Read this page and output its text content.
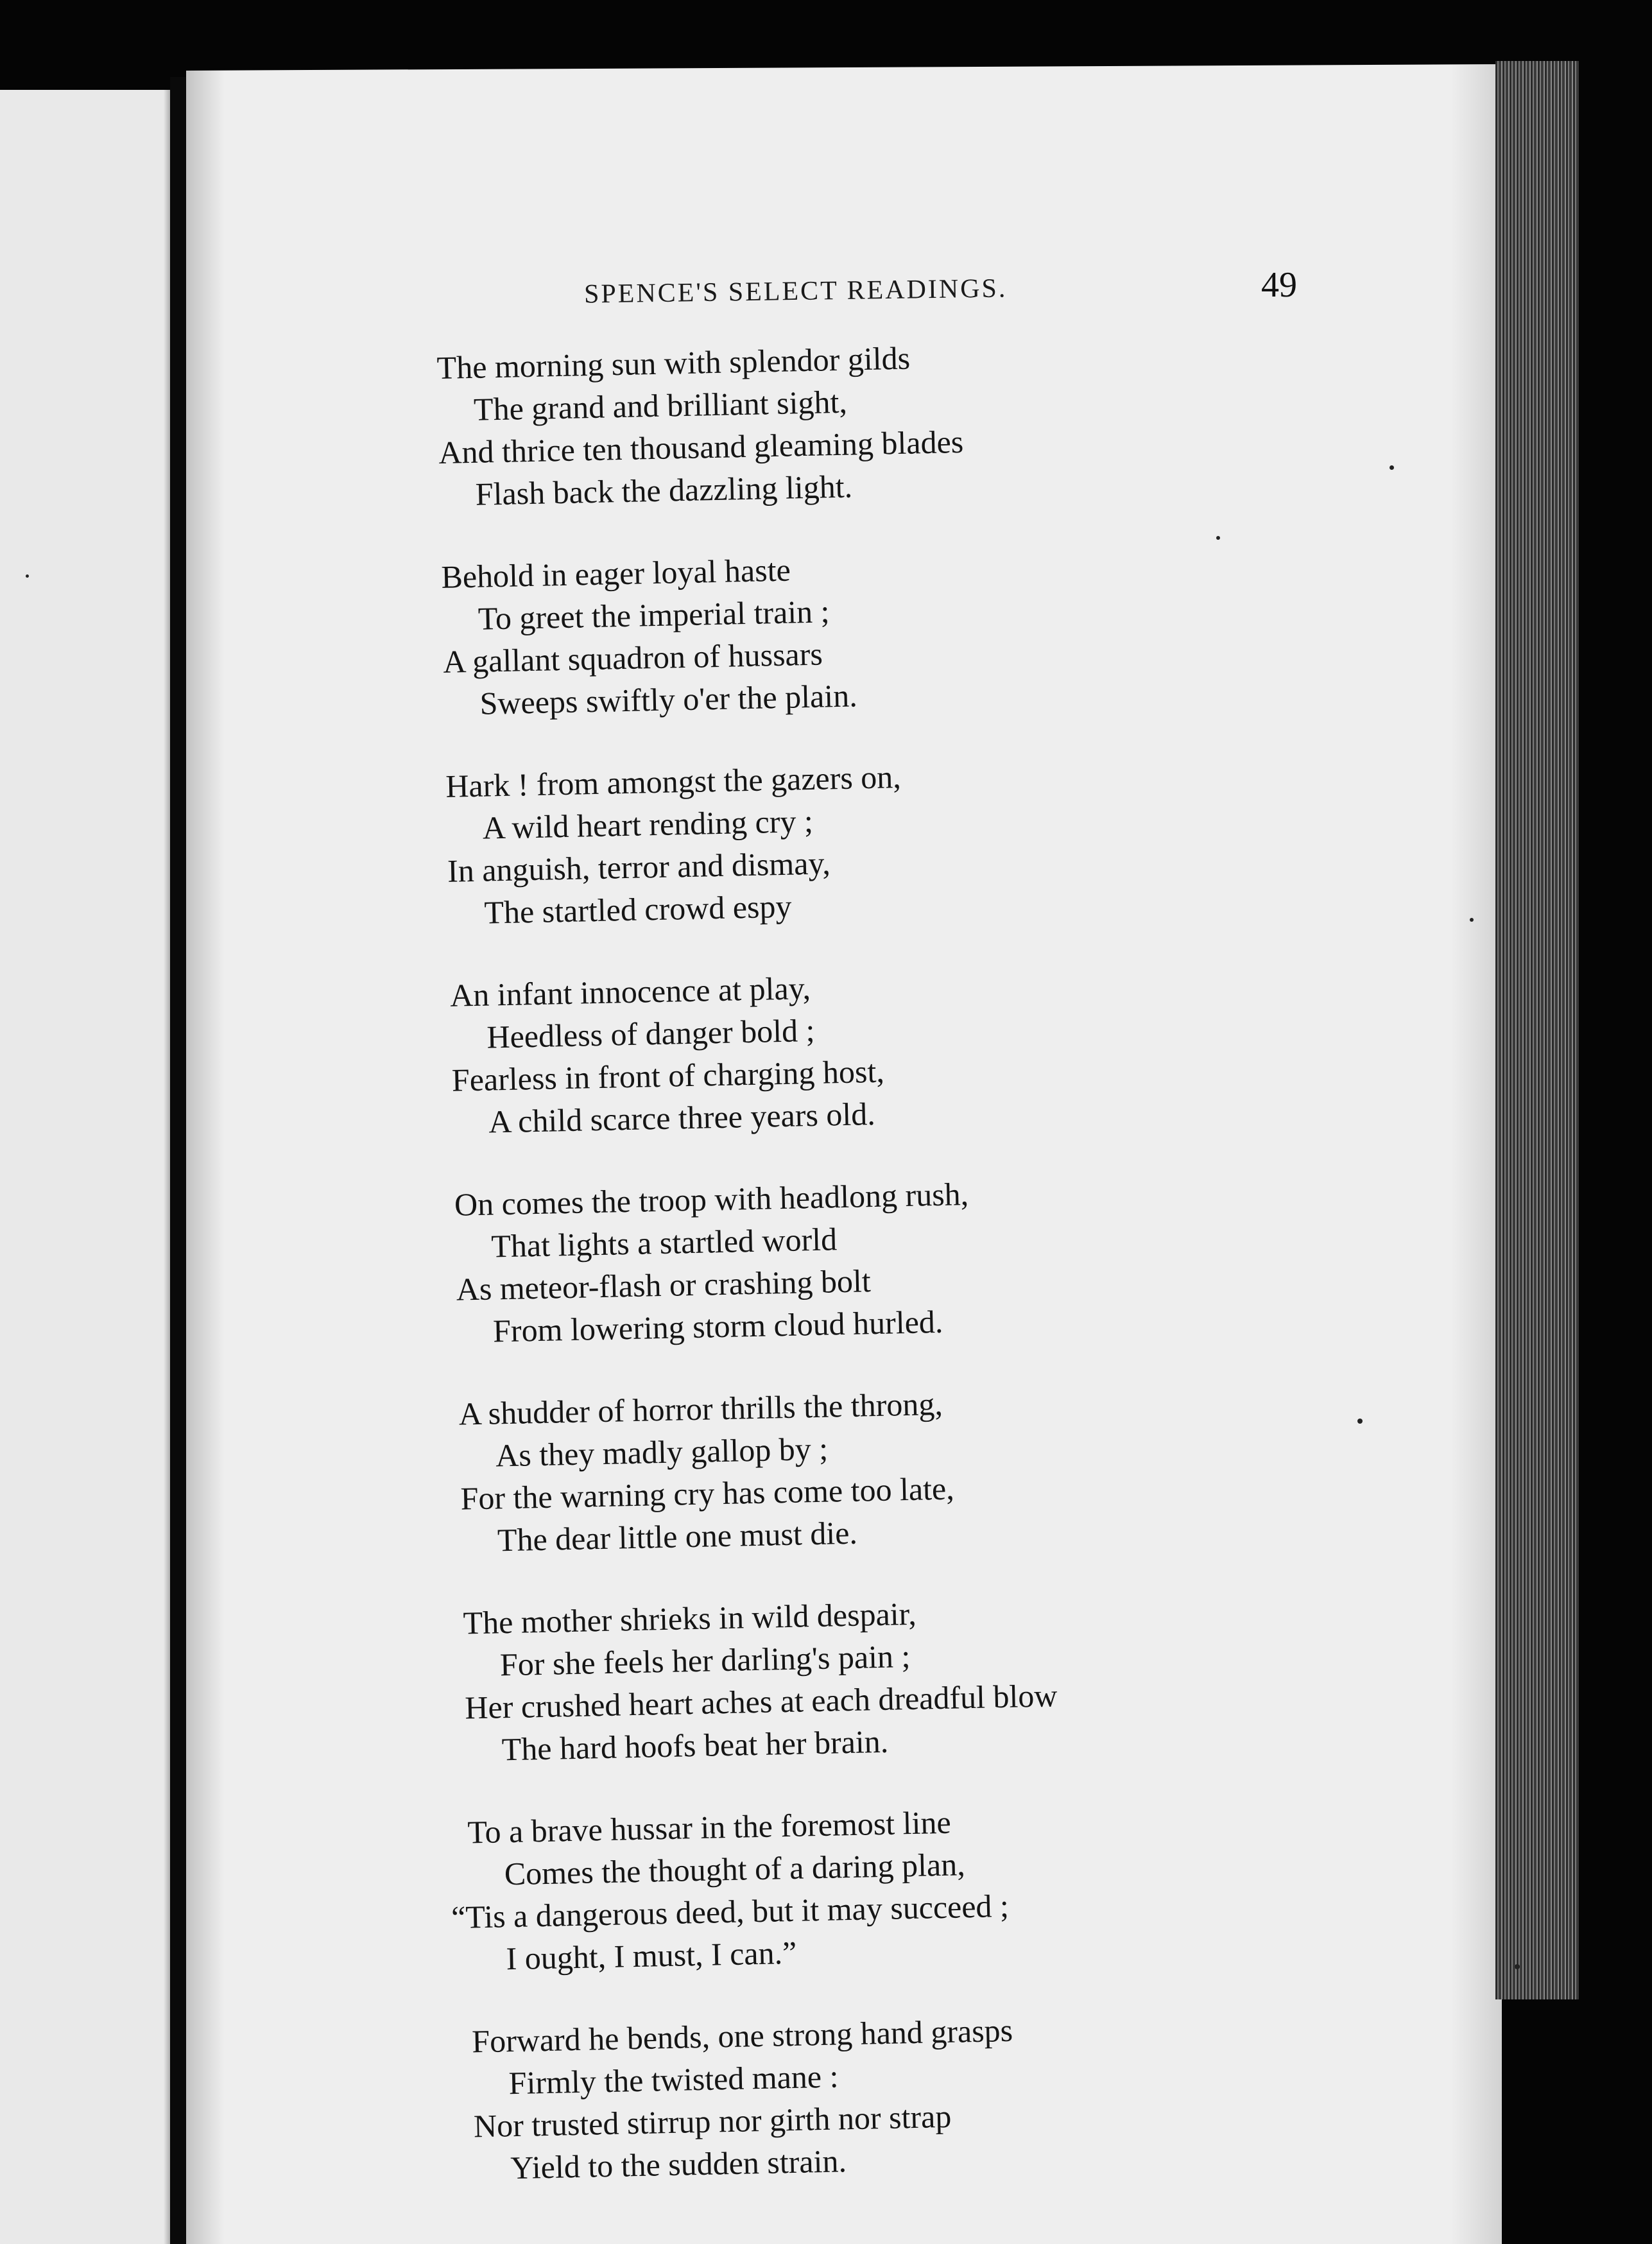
SPENCE'S SELECT READINGS.	49
The morning sun with splendor gilds
The grand and brilliant sight,
And thrice ten thousand gleaming blades
Flash back the dazzling light.
Behold in eager loyal haste
To greet the imperial train ;
A gallant squadron of hussars
Sweeps swiftly o'er the plain.
Hark ! from amongst the gazers on,
A wild heart rending cry ;
In anguish, terror and dismay,
The startled crowd espy
An infant innocence at play,
Heedless of danger bold ;
Fearless in front of charging host,
A child scarce three years old.
On comes the troop with headlong rush,
That lights a startled world
As meteor-flash or crashing bolt
From lowering storm cloud hurled.
A shudder of horror thrills the throng,
As they madly gallop by ;
For the warning cry has come too late,
The dear little one must die.
The mother shrieks in wild despair,
For she feels her darling's pain ;
Her crushed heart aches at each dreadful blow
The hard hoofs beat her brain.
To a brave hussar in the foremost line
Comes the thought of a daring plan,
“Tis a dangerous deed, but it may succeed ;
I ought, I must, I can.”
Forward he bends, one strong hand grasps
Firmly the twisted mane :
Nor trusted stirrup nor girth nor strap
Yield to the sudden strain.
